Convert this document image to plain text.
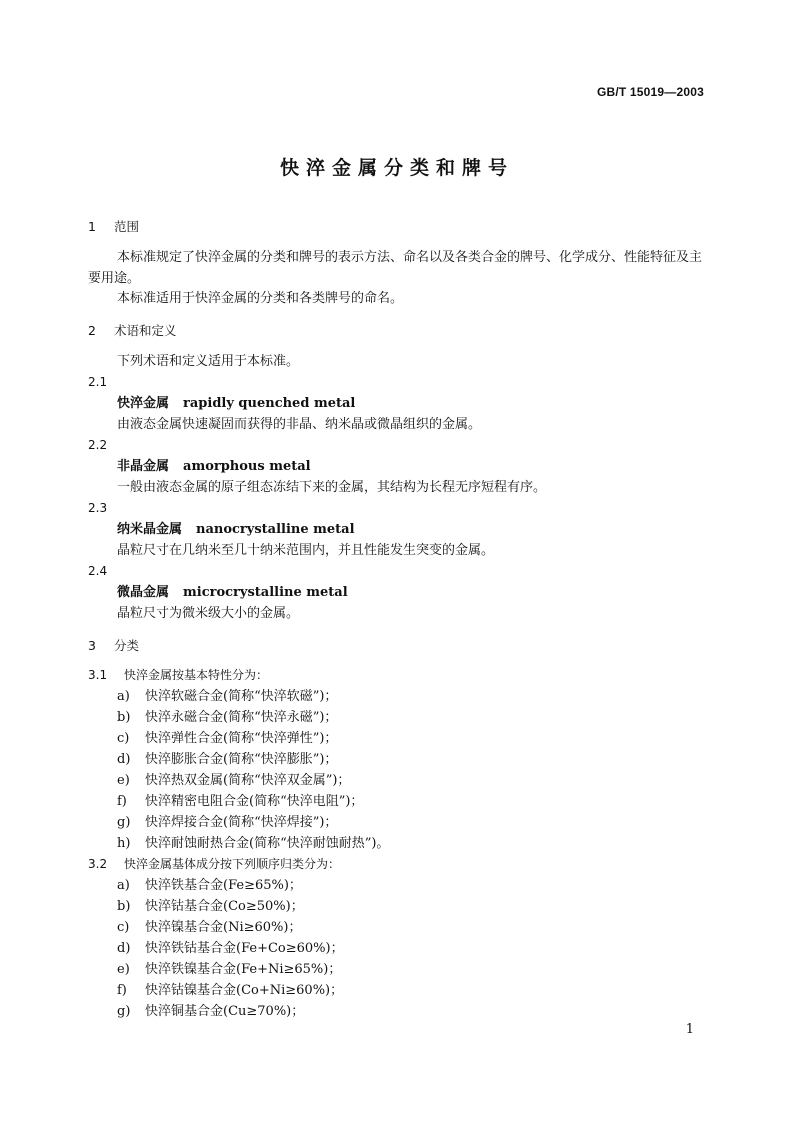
GB/T 15019—2003
快淬金属分类和牌号
1 范围
本标准规定了快淬金属的分类和牌号的表示方法、命名以及各类合金的牌号、化学成分、性能特征及主要用途。
本标准适用于快淬金属的分类和各类牌号的命名。
2 术语和定义
下列术语和定义适用于本标准。
2.1
快淬金属 rapidly quenched metal
由液态金属快速凝固而获得的非晶、纳米晶或微晶组织的金属。
2.2
非晶金属 amorphous metal
一般由液态金属的原子组态冻结下来的金属，其结构为长程无序短程有序。
2.3
纳米晶金属 nanocrystalline metal
晶粒尺寸在几纳米至几十纳米范围内，并且性能发生突变的金属。
2.4
微晶金属 microcrystalline metal
晶粒尺寸为微米级大小的金属。
3 分类
3.1 快淬金属按基本特性分为：
a) 快淬软磁合金(简称“快淬软磁”)；
b) 快淬永磁合金(简称“快淬永磁”)；
c) 快淬弹性合金(简称“快淬弹性”)；
d) 快淬膨胀合金(简称“快淬膨胀”)；
e) 快淬热双金属(简称“快淬双金属”)；
f) 快淬精密电阻合金(简称“快淬电阻”)；
g) 快淬焊接合金(简称“快淬焊接”)；
h) 快淬耐蚀耐热合金(简称“快淬耐蚀耐热”)。
3.2 快淬金属基体成分按下列顺序归类分为：
a) 快淬铁基合金(Fe≥65%)；
b) 快淬钴基合金(Co≥50%)；
c) 快淬镍基合金(Ni≥60%)；
d) 快淬铁钴基合金(Fe+Co≥60%)；
e) 快淬铁镍基合金(Fe+Ni≥65%)；
f) 快淬钴镍基合金(Co+Ni≥60%)；
g) 快淬铜基合金(Cu≥70%)；
1
